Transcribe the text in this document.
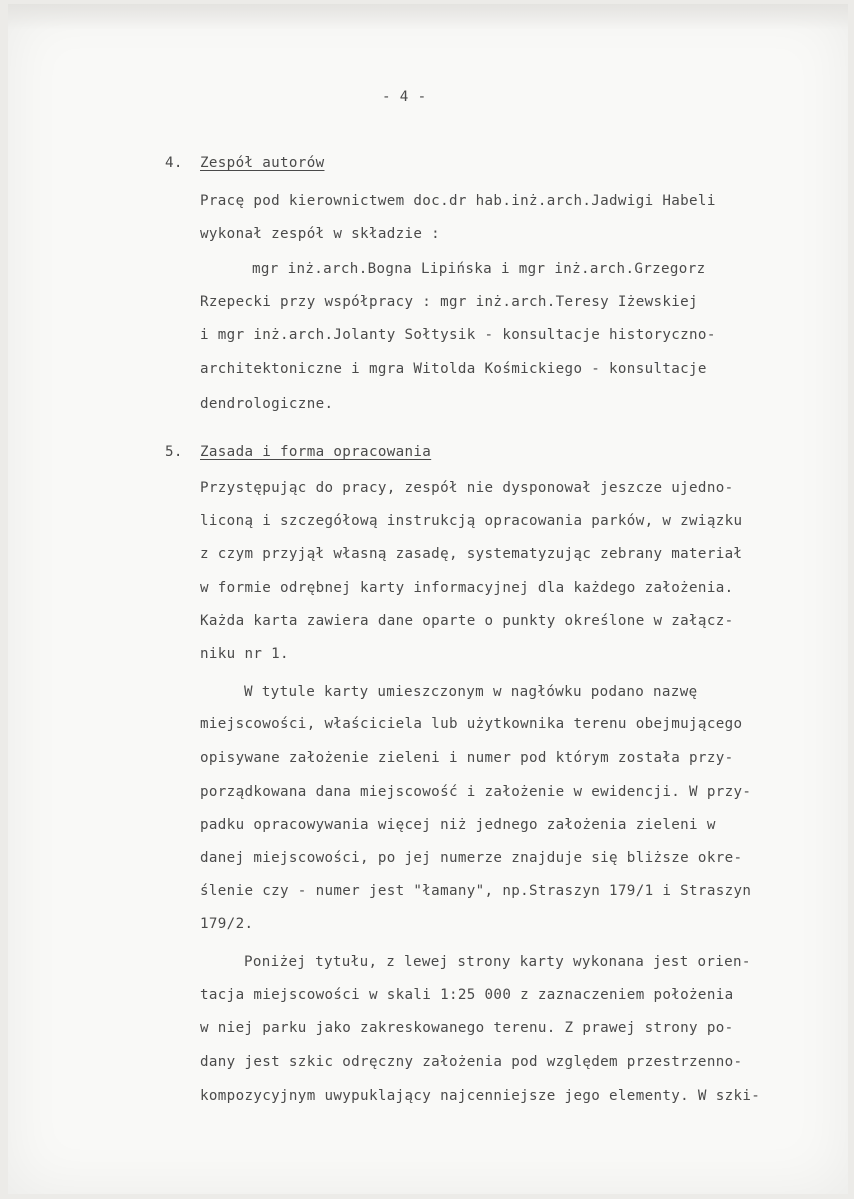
- 4 -
4. Zespół autorów
Pracę pod kierownictwem doc.dr hab.inż.arch.Jadwigi Habeli
wykonał zespół w składzie :
mgr inż.arch.Bogna Lipińska i mgr inż.arch.Grzegorz
Rzepecki przy współpracy : mgr inż.arch.Teresy Iżewskiej
i mgr inż.arch.Jolanty Sołtysik - konsultacje historyczno-
architektoniczne i mgra Witolda Kośmickiego - konsultacje
dendrologiczne.
5. Zasada i forma opracowania
Przystępując do pracy, zespół nie dysponował jeszcze ujedno-
liconą i szczegółową instrukcją opracowania parków, w związku
z czym przyjął własną zasadę, systematyzując zebrany materiał
w formie odrębnej karty informacyjnej dla każdego założenia.
Każda karta zawiera dane oparte o punkty określone w załącz-
niku nr 1.
W tytule karty umieszczonym w nagłówku podano nazwę
miejscowości, właściciela lub użytkownika terenu obejmującego
opisywane założenie zieleni i numer pod którym została przy-
porządkowana dana miejscowość i założenie w ewidencji. W przy-
padku opracowywania więcej niż jednego założenia zieleni w
danej miejscowości, po jej numerze znajduje się bliższe okre-
ślenie czy - numer jest "łamany", np.Straszyn 179/1 i Straszyn
179/2.
Poniżej tytułu, z lewej strony karty wykonana jest orien-
tacja miejscowości w skali 1:25 000 z zaznaczeniem położenia
w niej parku jako zakreskowanego terenu. Z prawej strony po-
dany jest szkic odręczny założenia pod względem przestrzenno-
kompozycyjnym uwypuklający najcenniejsze jego elementy. W szki-
